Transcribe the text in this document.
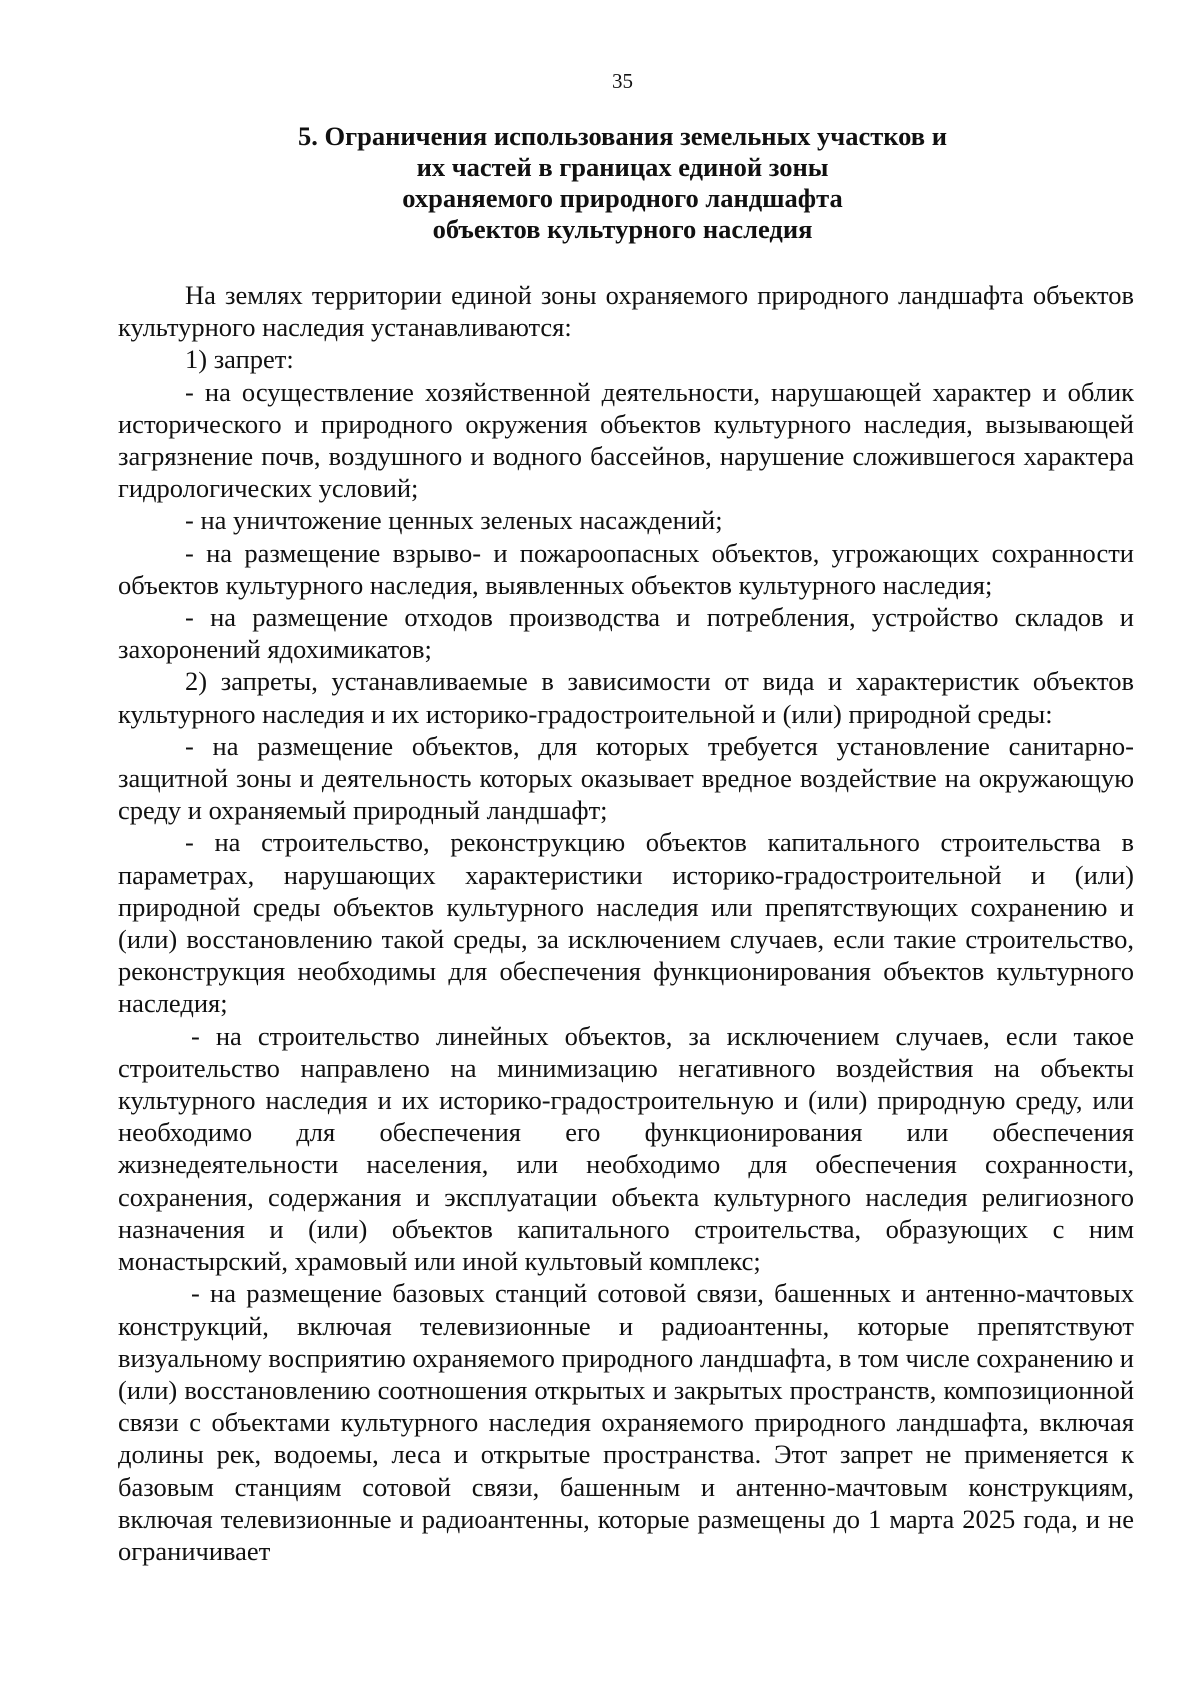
35
5. Ограничения использования земельных участков и
их частей в границах единой зоны
охраняемого природного ландшафта
объектов культурного наследия

На землях территории единой зоны охраняемого природного ландшафта объектов культурного наследия устанавливаются:

1) запрет:

- на осуществление хозяйственной деятельности, нарушающей характер и облик исторического и природного окружения объектов культурного наследия, вызывающей загрязнение почв, воздушного и водного бассейнов, нарушение сложившегося характера гидрологических условий;

- на уничтожение ценных зеленых насаждений;

- на размещение взрыво- и пожароопасных объектов, угрожающих сохранности объектов культурного наследия, выявленных объектов культурного наследия;

- на размещение отходов производства и потребления, устройство складов и захоронений ядохимикатов;

2) запреты, устанавливаемые в зависимости от вида и характеристик объектов культурного наследия и их историко-градостроительной и (или) природной среды:

- на размещение объектов, для которых требуется установление санитарно-защитной зоны и деятельность которых оказывает вредное воздействие на окружающую среду и охраняемый природный ландшафт;

- на строительство, реконструкцию объектов капитального строительства в параметрах, нарушающих характеристики историко-градостроительной и (или) природной среды объектов культурного наследия или препятствующих сохранению и (или) восстановлению такой среды, за исключением случаев, если такие строительство, реконструкция необходимы для обеспечения функционирования объектов культурного наследия;

- на строительство линейных объектов, за исключением случаев, если такое строительство направлено на минимизацию негативного воздействия на объекты культурного наследия и их историко-градостроительную и (или) природную среду, или необходимо для обеспечения его функционирования или обеспечения жизнедеятельности населения, или необходимо для обеспечения сохранности, сохранения, содержания и эксплуатации объекта культурного наследия религиозного назначения и (или) объектов капитального строительства, образующих с ним монастырский, храмовый или иной культовый комплекс;

- на размещение базовых станций сотовой связи, башенных и антенно-мачтовых конструкций, включая телевизионные и радиоантенны, которые препятствуют визуальному восприятию охраняемого природного ландшафта, в том числе сохранению и (или) восстановлению соотношения открытых и закрытых пространств, композиционной связи с объектами культурного наследия охраняемого природного ландшафта, включая долины рек, водоемы, леса и открытые пространства. Этот запрет не применяется к базовым станциям сотовой связи, башенным и антенно-мачтовым конструкциям, включая телевизионные и радиоантенны, которые размещены до 1 марта 2025 года, и не ограничивает
